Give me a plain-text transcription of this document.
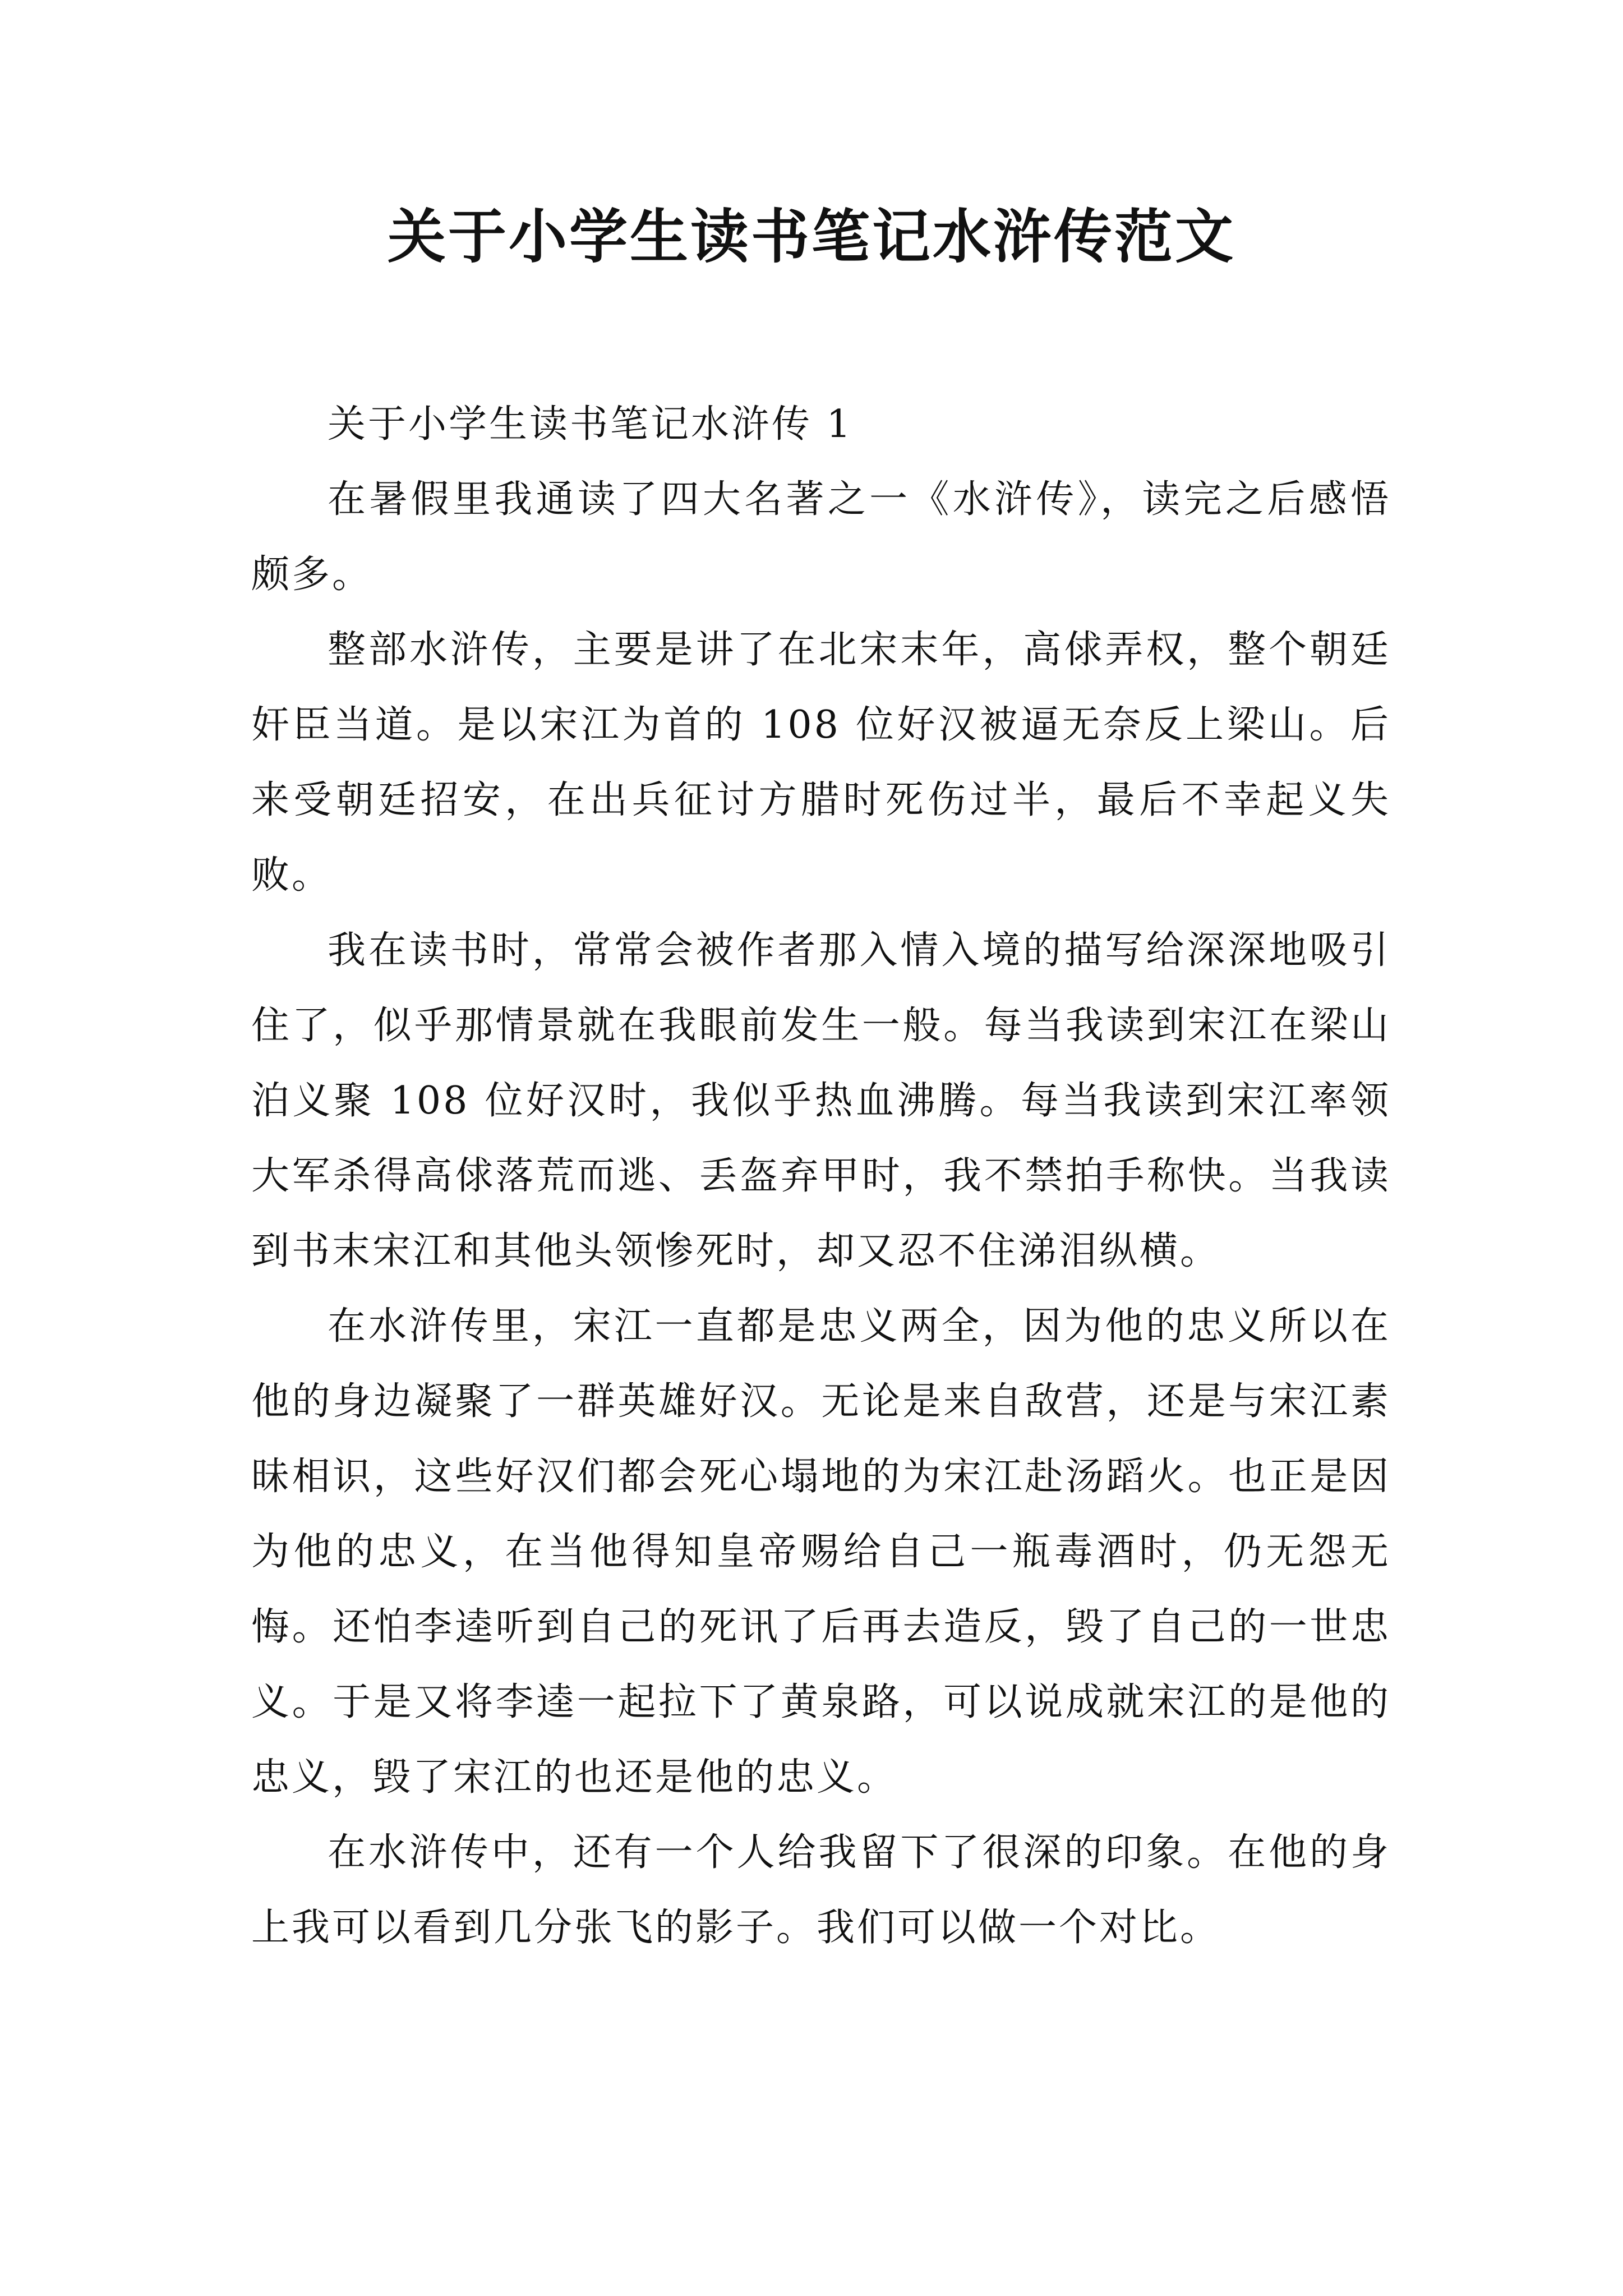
关于小学生读书笔记水浒传范文

关于小学生读书笔记水浒传 1

在暑假里我通读了四大名著之一《水浒传》，读完之后感悟颇多。

整部水浒传，主要是讲了在北宋末年，高俅弄权，整个朝廷奸臣当道。是以宋江为首的 108 位好汉被逼无奈反上梁山。后来受朝廷招安，在出兵征讨方腊时死伤过半，最后不幸起义失败。

我在读书时，常常会被作者那入情入境的描写给深深地吸引住了，似乎那情景就在我眼前发生一般。每当我读到宋江在梁山泊义聚 108 位好汉时，我似乎热血沸腾。每当我读到宋江率领大军杀得高俅落荒而逃、丢盔弃甲时，我不禁拍手称快。当我读到书末宋江和其他头领惨死时，却又忍不住涕泪纵横。

在水浒传里，宋江一直都是忠义两全，因为他的忠义所以在他的身边凝聚了一群英雄好汉。无论是来自敌营，还是与宋江素昧相识，这些好汉们都会死心塌地的为宋江赴汤蹈火。也正是因为他的忠义，在当他得知皇帝赐给自己一瓶毒酒时，仍无怨无悔。还怕李逵听到自己的死讯了后再去造反，毁了自己的一世忠义。于是又将李逵一起拉下了黄泉路，可以说成就宋江的是他的忠义，毁了宋江的也还是他的忠义。

在水浒传中，还有一个人给我留下了很深的印象。在他的身上我可以看到几分张飞的影子。我们可以做一个对比。
